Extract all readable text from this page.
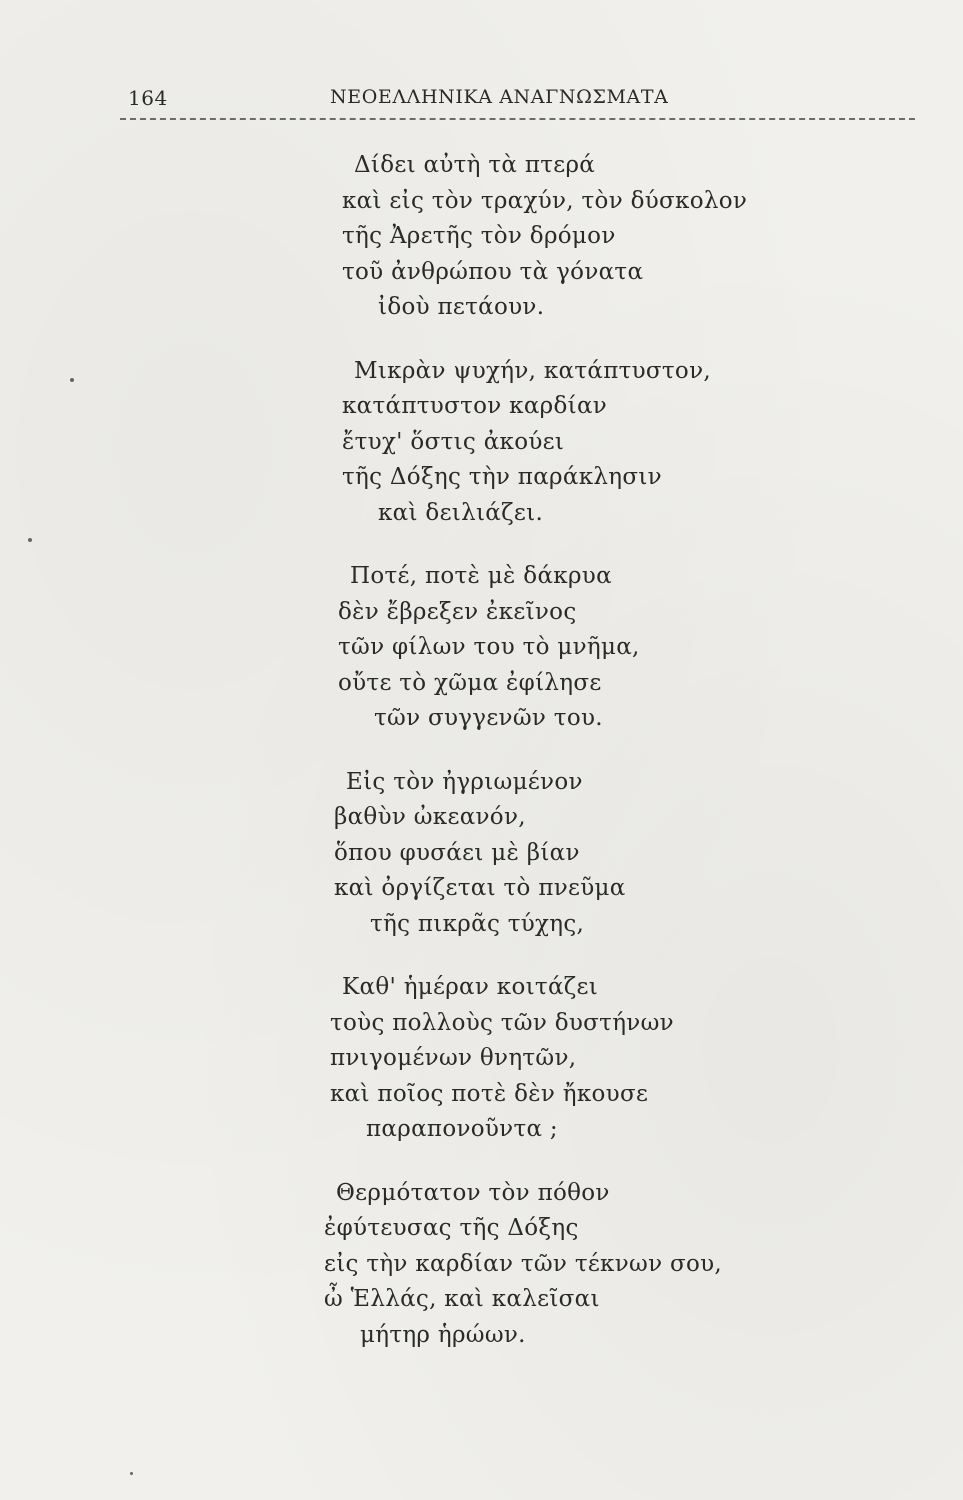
164	ΝΕΟΕΛΛΗΝΙΚΑ ΑΝΑΓΝΩΣΜΑΤΑ
Δίδει αὐτὴ τὰ πτερά
καὶ εἰς τὸν τραχύν, τὸν δύσκολον
τῆς Ἀρετῆς τὸν δρόμον
τοῦ ἀνθρώπου τὰ γόνατα
ἰδοὺ πετάουν.
Μικρὰν ψυχήν, κατάπτυστον,
κατάπτυστον καρδίαν
ἔτυχ' ὅστις ἀκούει
τῆς Δόξης τὴν παράκλησιν
καὶ δειλιάζει.
Ποτέ, ποτὲ μὲ δάκρυα
δὲν ἔβρεξεν ἐκεῖνος
τῶν φίλων του τὸ μνῆμα,
οὔτε τὸ χῶμα ἐφίλησε
τῶν συγγενῶν του.
Εἰς τὸν ἠγριωμένον
βαθὺν ὠκεανόν,
ὅπου φυσάει μὲ βίαν
καὶ ὀργίζεται τὸ πνεῦμα
τῆς πικρᾶς τύχης,
Καθ' ἡμέραν κοιτάζει
τοὺς πολλοὺς τῶν δυστήνων
πνιγομένων θνητῶν,
καὶ ποῖος ποτὲ δὲν ἤκουσε
παραπονοῦντα ;
Θερμότατον τὸν πόθον
ἐφύτευσας τῆς Δόξης
εἰς τὴν καρδίαν τῶν τέκνων σου,
ὦ Ἑλλάς, καὶ καλεῖσαι
μήτηρ ἡρώων.
